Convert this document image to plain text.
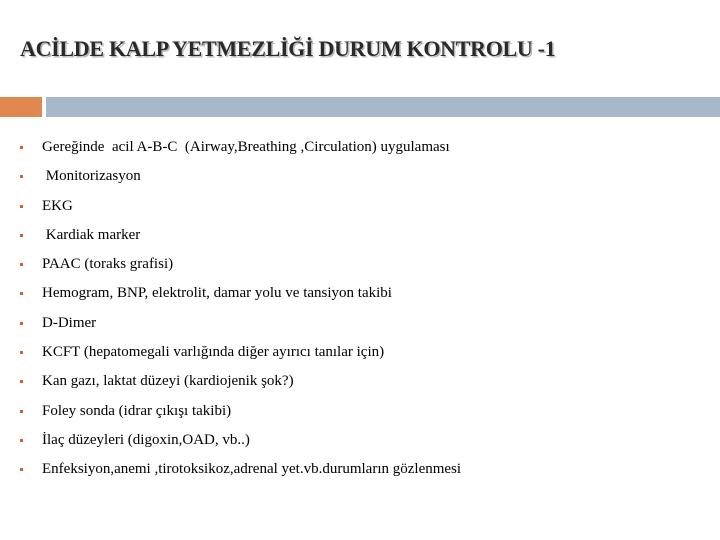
ACİLDE KALP YETMEZLİĞİ DURUM KONTROLU -1
Gereğinde  acil A-B-C  (Airway,Breathing ,Circulation) uygulaması
Monitorizasyon
EKG
Kardiak marker
PAAC (toraks grafisi)
Hemogram, BNP, elektrolit, damar yolu ve tansiyon takibi
D-Dimer
KCFT (hepatomegali varlığında diğer ayırıcı tanılar için)
Kan gazı, laktat düzeyi (kardiojenik şok?)
Foley sonda (idrar çıkışı takibi)
İlaç düzeyleri (digoxin,OAD, vb..)
Enfeksiyon,anemi ,tirotoksikoz,adrenal yet.vb.durumların gözlenmesi
